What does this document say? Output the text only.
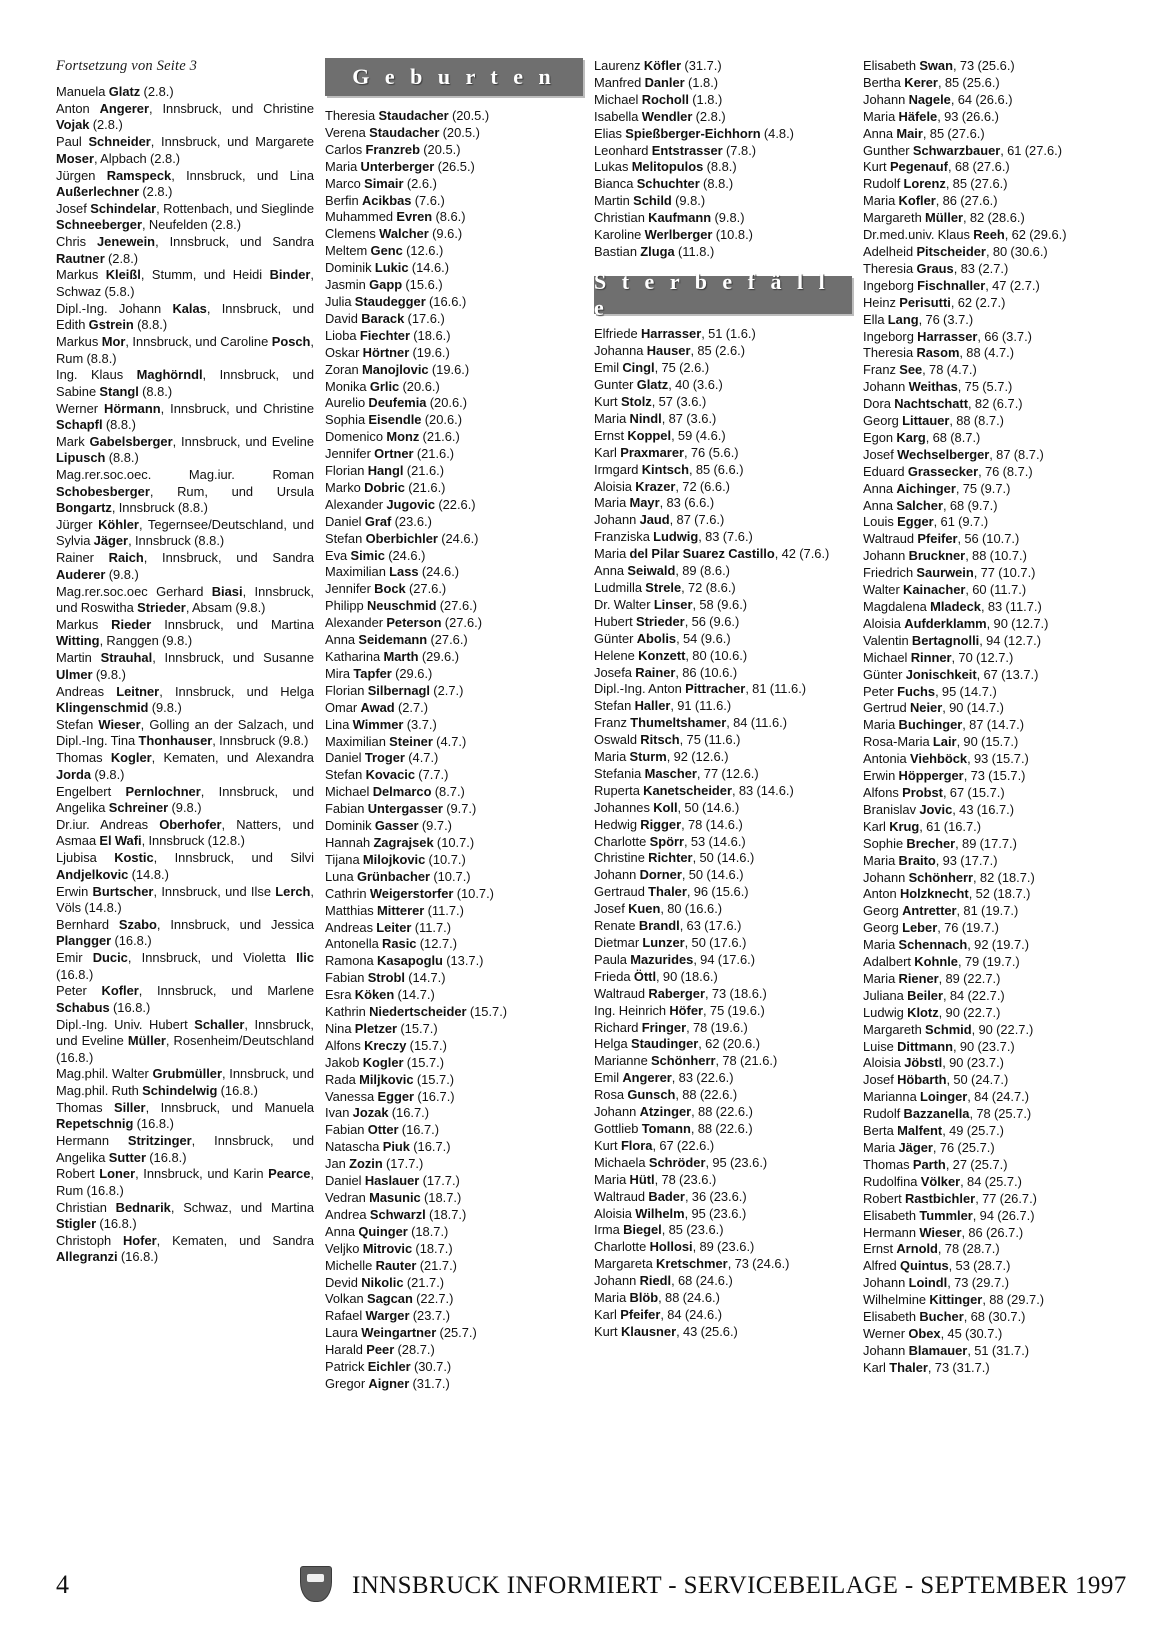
Fortsetzung von Seite 3

Manuela Glatz (2.8.)

Anton Angerer, Innsbruck, und Christine Vojak (2.8.)

Paul Schneider, Innsbruck, und Margarete Moser, Alpbach (2.8.)

Jürgen Ramspeck, Innsbruck, und Lina Außerlechner (2.8.)

Josef Schindelar, Rottenbach, und Sieglinde Schneeberger, Neufelden (2.8.)

Chris Jenewein, Innsbruck, und Sandra Rautner (2.8.)

Markus Kleißl, Stumm, und Heidi Binder, Schwaz (5.8.)

Dipl.-Ing. Johann Kalas, Innsbruck, und Edith Gstrein (8.8.)

Markus Mor, Innsbruck, und Caroline Posch, Rum (8.8.)

Ing. Klaus Maghörndl, Innsbruck, und Sabine Stangl (8.8.)

Werner Hörmann, Innsbruck, und Christine Schapfl (8.8.)

Mark Gabelsberger, Innsbruck, und Eveline Lipusch (8.8.)

Mag.rer.soc.oec. Mag.iur. Roman Schobesberger, Rum, und Ursula Bongartz, Innsbruck (8.8.)

Jürger Köhler, Tegernsee/Deutschland, und Sylvia Jäger, Innsbruck (8.8.)

Rainer Raich, Innsbruck, und Sandra Auderer (9.8.)

Mag.rer.soc.oec Gerhard Biasi, Innsbruck, und Roswitha Strieder, Absam (9.8.)

Markus Rieder Innsbruck, und Martina Witting, Ranggen (9.8.)

Martin Strauhal, Innsbruck, und Susanne Ulmer (9.8.)

Andreas Leitner, Innsbruck, und Helga Klingenschmid (9.8.)

Stefan Wieser, Golling an der Salzach, und Dipl.-Ing. Tina Thonhauser, Innsbruck (9.8.)

Thomas Kogler, Kematen, und Alexandra Jorda (9.8.)

Engelbert Pernlochner, Innsbruck, und Angelika Schreiner (9.8.)

Dr.iur. Andreas Oberhofer, Natters, und Asmaa El Wafi, Innsbruck (12.8.)

Ljubisa Kostic, Innsbruck, und Silvi Andjelkovic (14.8.)

Erwin Burtscher, Innsbruck, und Ilse Lerch, Völs (14.8.)

Bernhard Szabo, Innsbruck, und Jessica Plangger (16.8.)

Emir Ducic, Innsbruck, und Violetta Ilic (16.8.)

Peter Kofler, Innsbruck, und Marlene Schabus (16.8.)

Dipl.-Ing. Univ. Hubert Schaller, Innsbruck, und Eveline Müller, Rosenheim/Deutschland (16.8.)

Mag.phil. Walter Grubmüller, Innsbruck, und Mag.phil. Ruth Schindelwig (16.8.)

Thomas Siller, Innsbruck, und Manuela Repetschnig (16.8.)

Hermann Stritzinger, Innsbruck, und Angelika Sutter (16.8.)

Robert Loner, Innsbruck, und Karin Pearce, Rum (16.8.)

Christian Bednarik, Schwaz, und Martina Stigler (16.8.)

Christoph Hofer, Kematen, und Sandra Allegranzi (16.8.)

G e b u r t e n

Theresia Staudacher (20.5.)

Verena Staudacher (20.5.)

Carlos Franzreb (20.5.)

Maria Unterberger (26.5.)

Marco Simair (2.6.)

Berfin Acikbas (7.6.)

Muhammed Evren (8.6.)

Clemens Walcher (9.6.)

Meltem Genc (12.6.)

Dominik Lukic (14.6.)

Jasmin Gapp (15.6.)

Julia Staudegger (16.6.)

David Barack (17.6.)

Lioba Fiechter (18.6.)

Oskar Hörtner (19.6.)

Zoran Manojlovic (19.6.)

Monika Grlic (20.6.)

Aurelio Deufemia (20.6.)

Sophia Eisendle (20.6.)

Domenico Monz (21.6.)

Jennifer Ortner (21.6.)

Florian Hangl (21.6.)

Marko Dobric (21.6.)

Alexander Jugovic (22.6.)

Daniel Graf (23.6.)

Stefan Oberbichler (24.6.)

Eva Simic (24.6.)

Maximilian Lass (24.6.)

Jennifer Bock (27.6.)

Philipp Neuschmid (27.6.)

Alexander Peterson (27.6.)

Anna Seidemann (27.6.)

Katharina Marth (29.6.)

Mira Tapfer (29.6.)

Florian Silbernagl (2.7.)

Omar Awad (2.7.)

Lina Wimmer (3.7.)

Maximilian Steiner (4.7.)

Daniel Troger (4.7.)

Stefan Kovacic (7.7.)

Michael Delmarco (8.7.)

Fabian Untergasser (9.7.)

Dominik Gasser (9.7.)

Hannah Zagrajsek (10.7.)

Tijana Milojkovic (10.7.)

Luna Grünbacher (10.7.)

Cathrin Weigerstorfer (10.7.)

Matthias Mitterer (11.7.)

Andreas Leiter (11.7.)

Antonella Rasic (12.7.)

Ramona Kasapoglu (13.7.)

Fabian Strobl (14.7.)

Esra Köken (14.7.)

Kathrin Niedertscheider (15.7.)

Nina Pletzer (15.7.)

Alfons Kreczy (15.7.)

Jakob Kogler (15.7.)

Rada Miljkovic (15.7.)

Vanessa Egger (16.7.)

Ivan Jozak (16.7.)

Fabian Otter (16.7.)

Natascha Piuk (16.7.)

Jan Zozin (17.7.)

Daniel Haslauer (17.7.)

Vedran Masunic (18.7.)

Andrea Schwarzl (18.7.)

Anna Quinger (18.7.)

Veljko Mitrovic (18.7.)

Michelle Rauter (21.7.)

Devid Nikolic (21.7.)

Volkan Sagcan (22.7.)

Rafael Warger (23.7.)

Laura Weingartner (25.7.)

Harald Peer (28.7.)

Patrick Eichler (30.7.)

Gregor Aigner (31.7.)

Laurenz Köfler (31.7.)

Manfred Danler (1.8.)

Michael Rocholl (1.8.)

Isabella Wendler (2.8.)

Elias Spießberger-Eichhorn (4.8.)

Leonhard Entstrasser (7.8.)

Lukas Melitopulos (8.8.)

Bianca Schuchter (8.8.)

Martin Schild (9.8.)

Christian Kaufmann (9.8.)

Karoline Werlberger (10.8.)

Bastian Zluga (11.8.)

S t e r b e f ä l l e

Elfriede Harrasser, 51 (1.6.)

Johanna Hauser, 85 (2.6.)

Emil Cingl, 75 (2.6.)

Gunter Glatz, 40 (3.6.)

Kurt Stolz, 57 (3.6.)

Maria Nindl, 87 (3.6.)

Ernst Koppel, 59 (4.6.)

Karl Praxmarer, 76 (5.6.)

Irmgard Kintsch, 85 (6.6.)

Aloisia Krazer, 72 (6.6.)

Maria Mayr, 83 (6.6.)

Johann Jaud, 87 (7.6.)

Franziska Ludwig, 83 (7.6.)

Maria del Pilar Suarez Castillo, 42 (7.6.)

Anna Seiwald, 89 (8.6.)

Ludmilla Strele, 72 (8.6.)

Dr. Walter Linser, 58 (9.6.)

Hubert Strieder, 56 (9.6.)

Günter Abolis, 54 (9.6.)

Helene Konzett, 80 (10.6.)

Josefa Rainer, 86 (10.6.)

Dipl.-Ing. Anton Pittracher, 81 (11.6.)

Stefan Haller, 91 (11.6.)

Franz Thumeltshamer, 84 (11.6.)

Oswald Ritsch, 75 (11.6.)

Maria Sturm, 92 (12.6.)

Stefania Mascher, 77 (12.6.)

Ruperta Kanetscheider, 83 (14.6.)

Johannes Koll, 50 (14.6.)

Hedwig Rigger, 78 (14.6.)

Charlotte Spörr, 53 (14.6.)

Christine Richter, 50 (14.6.)

Johann Dorner, 50 (14.6.)

Gertraud Thaler, 96 (15.6.)

Josef Kuen, 80 (16.6.)

Renate Brandl, 63 (17.6.)

Dietmar Lunzer, 50 (17.6.)

Paula Mazurides, 94 (17.6.)

Frieda Öttl, 90 (18.6.)

Waltraud Raberger, 73 (18.6.)

Ing. Heinrich Höfer, 75 (19.6.)

Richard Fringer, 78 (19.6.)

Helga Staudinger, 62 (20.6.)

Marianne Schönherr, 78 (21.6.)

Emil Angerer, 83 (22.6.)

Rosa Gunsch, 88 (22.6.)

Johann Atzinger, 88 (22.6.)

Gottlieb Tomann, 88 (22.6.)

Kurt Flora, 67 (22.6.)

Michaela Schröder, 95 (23.6.)

Maria Hütl, 78 (23.6.)

Waltraud Bader, 36 (23.6.)

Aloisia Wilhelm, 95 (23.6.)

Irma Biegel, 85 (23.6.)

Charlotte Hollosi, 89 (23.6.)

Margareta Kretschmer, 73 (24.6.)

Johann Riedl, 68 (24.6.)

Maria Blöb, 88 (24.6.)

Karl Pfeifer, 84 (24.6.)

Kurt Klausner, 43 (25.6.)

Elisabeth Swan, 73 (25.6.)

Bertha Kerer, 85 (25.6.)

Johann Nagele, 64 (26.6.)

Maria Häfele, 93 (26.6.)

Anna Mair, 85 (27.6.)

Gunther Schwarzbauer, 61 (27.6.)

Kurt Pegenauf, 68 (27.6.)

Rudolf Lorenz, 85 (27.6.)

Maria Kofler, 86 (27.6.)

Margareth Müller, 82 (28.6.)

Dr.med.univ. Klaus Reeh, 62 (29.6.)

Adelheid Pitscheider, 80 (30.6.)

Theresia Graus, 83 (2.7.)

Ingeborg Fischnaller, 47 (2.7.)

Heinz Perisutti, 62 (2.7.)

Ella Lang, 76 (3.7.)

Ingeborg Harrasser, 66 (3.7.)

Theresia Rasom, 88 (4.7.)

Franz See, 78 (4.7.)

Johann Weithas, 75 (5.7.)

Dora Nachtschatt, 82 (6.7.)

Georg Littauer, 88 (8.7.)

Egon Karg, 68 (8.7.)

Josef Wechselberger, 87 (8.7.)

Eduard Grassecker, 76 (8.7.)

Anna Aichinger, 75 (9.7.)

Anna Salcher, 68 (9.7.)

Louis Egger, 61 (9.7.)

Waltraud Pfeifer, 56 (10.7.)

Johann Bruckner, 88 (10.7.)

Friedrich Saurwein, 77 (10.7.)

Walter Kainacher, 60 (11.7.)

Magdalena Mladeck, 83 (11.7.)

Aloisia Aufderklamm, 90 (12.7.)

Valentin Bertagnolli, 94 (12.7.)

Michael Rinner, 70 (12.7.)

Günter Jonischkeit, 67 (13.7.)

Peter Fuchs, 95 (14.7.)

Gertrud Neier, 90 (14.7.)

Maria Buchinger, 87 (14.7.)

Rosa-Maria Lair, 90 (15.7.)

Antonia Viehböck, 93 (15.7.)

Erwin Höpperger, 73 (15.7.)

Alfons Probst, 67 (15.7.)

Branislav Jovic, 43 (16.7.)

Karl Krug, 61 (16.7.)

Sophie Brecher, 89 (17.7.)

Maria Braito, 93 (17.7.)

Johann Schönherr, 82 (18.7.)

Anton Holzknecht, 52 (18.7.)

Georg Antretter, 81 (19.7.)

Georg Leber, 76 (19.7.)

Maria Schennach, 92 (19.7.)

Adalbert Kohnle, 79 (19.7.)

Maria Riener, 89 (22.7.)

Juliana Beiler, 84 (22.7.)

Ludwig Klotz, 90 (22.7.)

Margareth Schmid, 90 (22.7.)

Luise Dittmann, 90 (23.7.)

Aloisia Jöbstl, 90 (23.7.)

Josef Höbarth, 50 (24.7.)

Marianna Loinger, 84 (24.7.)

Rudolf Bazzanella, 78 (25.7.)

Berta Malfent, 49 (25.7.)

Maria Jäger, 76 (25.7.)

Thomas Parth, 27 (25.7.)

Rudolfina Völker, 84 (25.7.)

Robert Rastbichler, 77 (26.7.)

Elisabeth Tummler, 94 (26.7.)

Hermann Wieser, 86 (26.7.)

Ernst Arnold, 78 (28.7.)

Alfred Quintus, 53 (28.7.)

Johann Loindl, 73 (29.7.)

Wilhelmine Kittinger, 88 (29.7.)

Elisabeth Bucher, 68 (30.7.)

Werner Obex, 45 (30.7.)

Johann Blamauer, 51 (31.7.)

Karl Thaler, 73 (31.7.)

4	INNSBRUCK INFORMIERT - SERVICEBEILAGE - SEPTEMBER 1997
